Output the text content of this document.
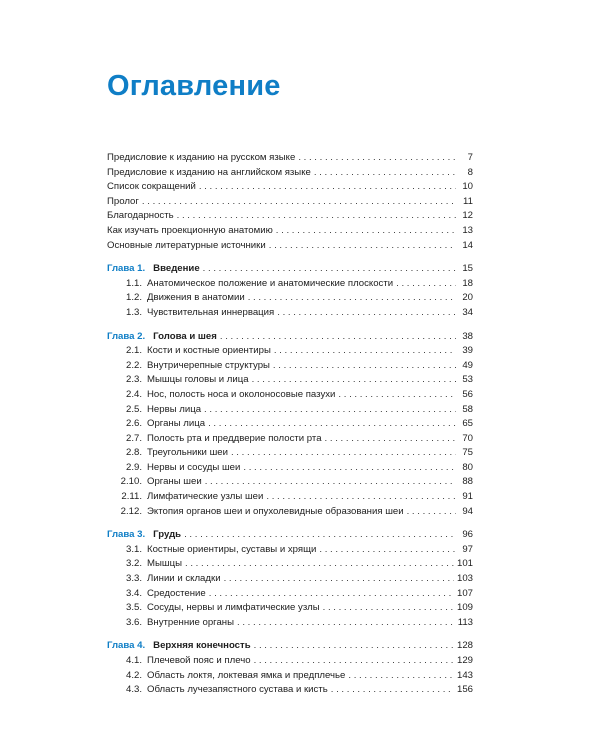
Оглавление
Предисловие к изданию на русском языке . . .	7
Предисловие к изданию на английском языке . . .	8
Список сокращений . . .	10
Пролог . . .	11
Благодарность . . .	12
Как изучать проекционную анатомию . . .	13
Основные литературные источники . . .	14
Глава 1. Введение . . .	15
1.1. Анатомическое положение и анатомические плоскости . . .	18
1.2. Движения в анатомии . . .	20
1.3. Чувствительная иннервация . . .	34
Глава 2. Голова и шея . . .	38
2.1. Кости и костные ориентиры . . .	39
2.2. Внутричерепные структуры . . .	49
2.3. Мышцы головы и лица . . .	53
2.4. Нос, полость носа и околоносовые пазухи . . .	56
2.5. Нервы лица . . .	58
2.6. Органы лица . . .	65
2.7. Полость рта и преддверие полости рта . . .	70
2.8. Треугольники шеи . . .	75
2.9. Нервы и сосуды шеи . . .	80
2.10. Органы шеи . . .	88
2.11. Лимфатические узлы шеи . . .	91
2.12. Эктопия органов шеи и опухолевидные образования шеи . . .	94
Глава 3. Грудь . . .	96
3.1. Костные ориентиры, суставы и хрящи . . .	97
3.2. Мышцы . . .	101
3.3. Линии и складки . . .	103
3.4. Средостение . . .	107
3.5. Сосуды, нервы и лимфатические узлы . . .	109
3.6. Внутренние органы . . .	113
Глава 4. Верхняя конечность . . .	128
4.1. Плечевой пояс и плечо . . .	129
4.2. Область локтя, локтевая ямка и предплечье . . .	143
4.3. Область лучезапястного сустава и кисть . . .	156
